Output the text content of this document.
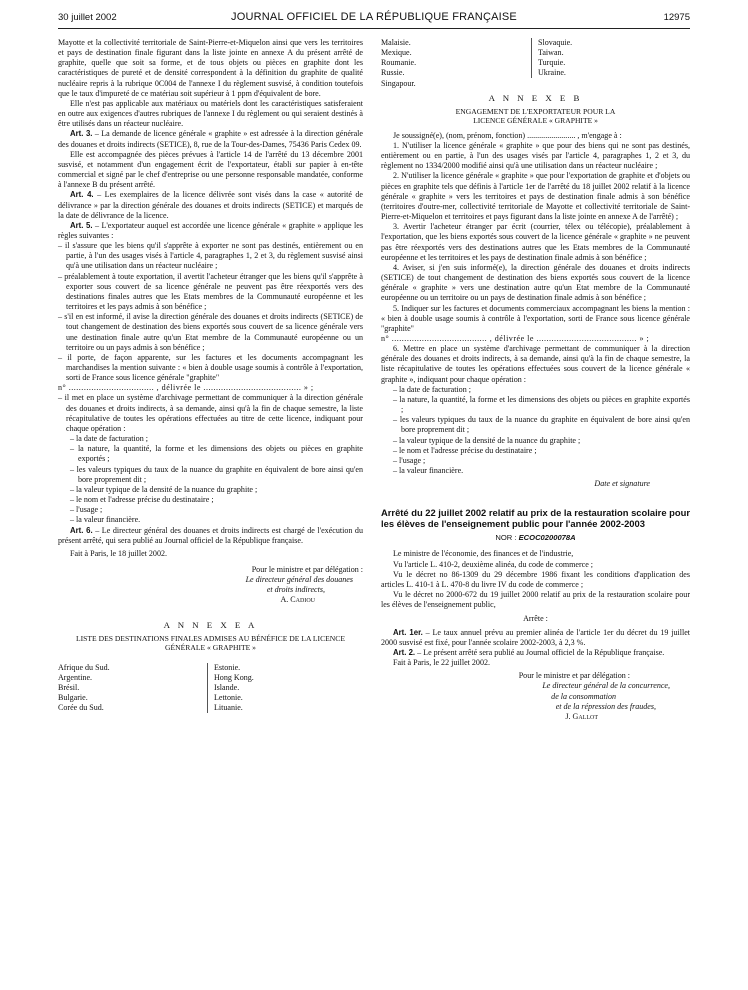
30 juillet 2002	JOURNAL OFFICIEL DE LA RÉPUBLIQUE FRANÇAISE	12975

Mayotte et la collectivité territoriale de Saint-Pierre-et-Miquelon ainsi que vers les territoires et pays de destination finale figurant dans la liste jointe en annexe A du présent arrêté de graphite, quelle que soit sa forme, et de tous objets ou pièces en graphite dont les caractéristiques de pureté et de densité correspondent à la définition du graphite de qualité nucléaire repris à la rubrique 0C004 de l'annexe I du règlement susvisé, à condition toutefois que le taux d'impureté de ce matériau soit supérieur à 1 ppm d'équivalent de bore.

Elle n'est pas applicable aux matériaux ou matériels dont les caractéristiques satisferaient en outre aux exigences d'autres rubriques de l'annexe I du règlement ou qui seraient destinés à être utilisés dans un réacteur nucléaire.

Art. 3. – La demande de licence générale « graphite » est adressée à la direction générale des douanes et droits indirects (SETICE), 8, rue de la Tour-des-Dames, 75436 Paris Cedex 09.

Elle est accompagnée des pièces prévues à l'article 14 de l'arrêté du 13 décembre 2001 susvisé, et notamment d'un engagement écrit de l'exportateur, établi sur papier à en-tête commercial et signé par le chef d'entreprise ou une personne responsable mandatée, conforme à l'annexe B du présent arrêté.

Art. 4. – Les exemplaires de la licence délivrée sont visés dans la case « autorité de délivrance » par la direction générale des douanes et droits indirects (SETICE) et marqués de la date de délivrance de la licence.

Art. 5. – L'exportateur auquel est accordée une licence générale « graphite » applique les règles suivantes :

– il s'assure que les biens qu'il s'apprête à exporter ne sont pas destinés, entièrement ou en partie, à l'un des usages visés à l'article 4, paragraphes 1, 2 et 3, du règlement susvisé ainsi qu'à une utilisation dans un réacteur nucléaire ;

– préalablement à toute exportation, il avertit l'acheteur étranger que les biens qu'il s'apprête à exporter sous couvert de sa licence générale ne peuvent pas être réexportés vers des destinations finales autres que les Etats membres de la Communauté européenne et les territoires et les pays admis à son bénéfice ;

– s'il en est informé, il avise la direction générale des douanes et droits indirects (SETICE) de tout changement de destination des biens exportés sous couvert de sa licence générale vers une destination finale autre qu'un Etat membre de la Communauté européenne ou un territoire ou un pays admis à son bénéfice ;

– il porte, de façon apparente, sur les factures et les documents accompagnant les marchandises la mention suivante : « bien à double usage soumis à contrôle à l'exportation, sorti de France sous licence générale "graphite"

n° .................................. , délivrée le ....................................... » ;

– il met en place un système d'archivage permettant de communiquer à la direction générale des douanes et droits indirects, à sa demande, ainsi qu'à la fin de chaque semestre, la liste récapitulative de toutes les opérations effectuées au titre de cette licence, indiquant pour chaque opération :

– la date de facturation ;

– la nature, la quantité, la forme et les dimensions des objets ou pièces en graphite exportés ;

– les valeurs typiques du taux de la nuance du graphite en équivalent de bore ainsi qu'en bore proprement dit ;

– la valeur typique de la densité de la nuance du graphite ;

– le nom et l'adresse précise du destinataire ;

– l'usage ;

– la valeur financière.

Art. 6. – Le directeur général des douanes et droits indirects est chargé de l'exécution du présent arrêté, qui sera publié au Journal officiel de la République française.

Fait à Paris, le 18 juillet 2002.

Pour le ministre et par délégation :

Le directeur général des douanes

et droits indirects,

A. Cadiou

A N N E X E A

LISTE DES DESTINATIONS FINALES ADMISES AU BÉNÉFICE DE LA LICENCE GÉNÉRALE « GRAPHITE »

Afrique du Sud.
Argentine.
Brésil.
Bulgarie.
Corée du Sud.
Estonie.
Hong Kong.
Islande.
Lettonie.
Lituanie.
Malaisie.
Mexique.
Roumanie.
Russie.
Singapour.
Slovaquie.
Taiwan.
Turquie.
Ukraine.

A N N E X E B

ENGAGEMENT DE L'EXPORTATEUR POUR LA LICENCE GÉNÉRALE « GRAPHITE »

Je soussigné(e), (nom, prénom, fonction) ........................ , m'engage à :

1. N'utiliser la licence générale « graphite » que pour des biens qui ne sont pas destinés, entièrement ou en partie, à l'un des usages visés par l'article 4, paragraphes 1, 2 et 3, du règlement no 1334/2000 modifié ainsi qu'à une utilisation dans un réacteur nucléaire ;

2. N'utiliser la licence générale « graphite » que pour l'exportation de graphite et d'objets ou pièces en graphite tels que définis à l'article 1er de l'arrêté du 18 juillet 2002 relatif à la licence générale « graphite » vers les territoires et pays de destination finale admis à son bénéfice (territoires d'outre-mer, collectivité territoriale de Mayotte et collectivité territoriale de Saint-Pierre-et-Miquelon et territoires et pays figurant dans la liste jointe en annexe A de l'arrêté) ;

3. Avertir l'acheteur étranger par écrit (courrier, télex ou télécopie), préalablement à l'exportation, que les biens exportés sous couvert de la licence générale « graphite » ne peuvent pas être réexportés vers des destinations autres que les Etats membres de la Communauté européenne et les territoires et les pays de destination finale admis à son bénéfice ;

4. Aviser, si j'en suis informé(e), la direction générale des douanes et droits indirects (SETICE) de tout changement de destination des biens exportés sous couvert de la licence générale « graphite » vers une destination autre qu'un Etat membre de la Communauté européenne ou un territoire ou un pays de destination finale admis à son bénéfice ;

5. Indiquer sur les factures et documents commerciaux accompagnant les biens la mention : « bien à double usage soumis à contrôle à l'exportation, sorti de France sous licence générale "graphite"

n° ...................................... , délivrée le ........................................ » ;

6. Mettre en place un système d'archivage permettant de communiquer à la direction générale des douanes et droits indirects, à sa demande, ainsi qu'à la fin de chaque semestre, la liste récapitulative de toutes les opérations effectuées sous couvert de la licence générale « graphite », indiquant pour chaque opération :

– la date de facturation ;

– la nature, la quantité, la forme et les dimensions des objets ou pièces en graphite exportés ;

– les valeurs typiques du taux de la nuance du graphite en équivalent de bore ainsi qu'en bore proprement dit ;

– la valeur typique de la densité de la nuance du graphite ;

– le nom et l'adresse précise du destinataire ;

– l'usage ;

– la valeur financière.

Date et signature

Arrêté du 22 juillet 2002 relatif au prix de la restauration scolaire pour les élèves de l'enseignement public pour l'année 2002-2003

NOR : ECOC0200078A

Le ministre de l'économie, des finances et de l'industrie,

Vu l'article L. 410-2, deuxième alinéa, du code de commerce ;

Vu le décret no 86-1309 du 29 décembre 1986 fixant les conditions d'application des articles L. 410-1 à L. 470-8 du livre IV du code de commerce ;

Vu le décret no 2000-672 du 19 juillet 2000 relatif au prix de la restauration scolaire pour les élèves de l'enseignement public,

Arrête :

Art. 1er. – Le taux annuel prévu au premier alinéa de l'article 1er du décret du 19 juillet 2000 susvisé est fixé, pour l'année scolaire 2002-2003, à 2,3 %.

Art. 2. – Le présent arrêté sera publié au Journal officiel de la République française.

Fait à Paris, le 22 juillet 2002.

Pour le ministre et par délégation :

Le directeur général de la concurrence,

de la consommation

et de la répression des fraudes,

J. Gallot
